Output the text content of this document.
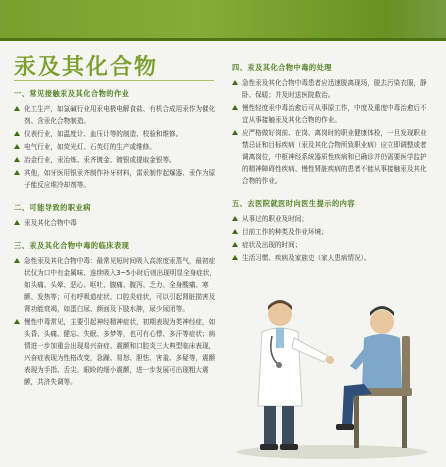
汞及其化合物
一、常见接触汞及其化合物的作业
化工生产，如氯碱行业用汞电极电解食盐、有机合成用汞作为催化剂、含汞化合物制造。
仪表行业，如温度计、血压计等的制造、校验和维修。
电气行业，如荧光灯、石英灯的生产或维修。
冶金行业，汞冶炼、汞齐镀金、镀银或提取金银等。
其他，如牙医用银汞齐制作补牙材料，雷汞制作起爆器、汞作为原子能反应堆冷却剂等。
二、可能导致的职业病
汞及其化合物中毒
三、汞及其化合物中毒的临床表现
急性汞及其化合物中毒：最常见短时间吸入高浓度汞蒸气，最初症状仅为口中有金属味、连续吸入3~5小时后则出现明显全身症状，如头痛、头晕、恶心、呕吐、腹痛、腹泻、乏力、全身酸痛、寒颤、发热等；可有呼吸道症状、口腔炎症状，可以引起肾脏损害及肾功能衰竭，如蛋白尿、颜面及下肢水肿，尿少尿闭等。
慢性中毒常见，主要引起神经精神症状，初期表现为类神经症，如头昏、头痛、健忘、失眠、多梦等，也可有心悸、多汗等症状；病情进一步加重会出现易兴奋症、震颤和口腔炎三大典型临床表现，兴奋症表现为性格改变，急躁、易怒、胆怯、害羞、多疑等，震颤表现为手指、舌尖、眼睑的细小震颤，进一步发展可出现粗大震颤，共济失调等。
四、汞及其化合物中毒的处理
急性汞及其化合物中毒患者应迅速脱离现场，脱去污染衣服，静卧、保暖；并及时送医院救治。
慢性轻度汞中毒治愈后可从事原工作，中度及重度中毒治愈后不宜从事接触汞及其化合物的作业。
应严格做好岗前、在岗、离岗时的职业健康体检，一旦发现职业禁忌证和目标疾病（汞及其化合物所致职业病）应立即调整或者调离岗位，中枢神经系统器质性疾病和已确诊并仍需要医学监护的精神障碍性疾病、慢性肾脏疾病的患者不能从事接触汞及其化合物的作业。
五、去医院就医时向医生提示的内容
从事过的职业及时间；
目前工作的种类及作业环境；
症状及出现的时间；
生活习惯、疾病及家族史（家人患病情况）。
